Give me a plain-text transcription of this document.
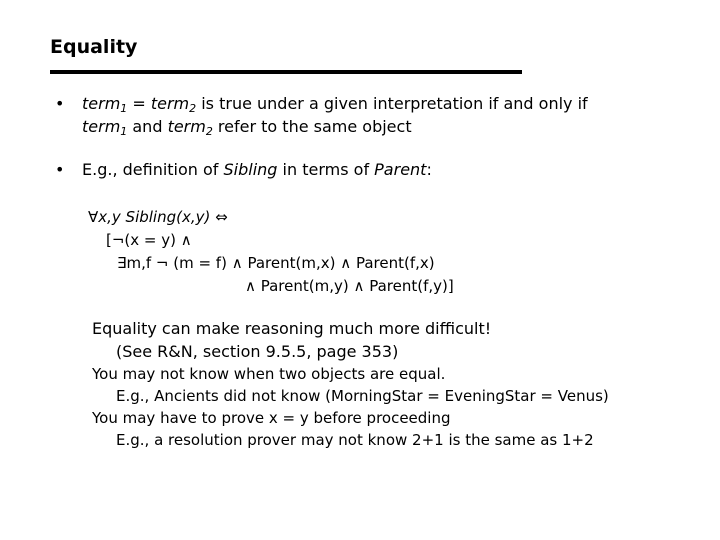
Equality
• term$_1$ = term$_2$ is true under a given interpretation if and only if
term$_1$ and term$_2$ refer to the same object
• E.g., definition of Sibling in terms of Parent:
∀x,y Sibling(x,y) ⇔
[¬(x = y) ∧
∃m,f ¬ (m = f) ∧ Parent(m,x) ∧ Parent(f,x)
∧ Parent(m,y) ∧ Parent(f,y)]
Equality can make reasoning much more difficult!
(See R&N, section 9.5.5, page 353)
You may not know when two objects are equal.
E.g., Ancients did not know (MorningStar = EveningStar = Venus)
You may have to prove x = y before proceeding
E.g., a resolution prover may not know 2+1 is the same as 1+2
